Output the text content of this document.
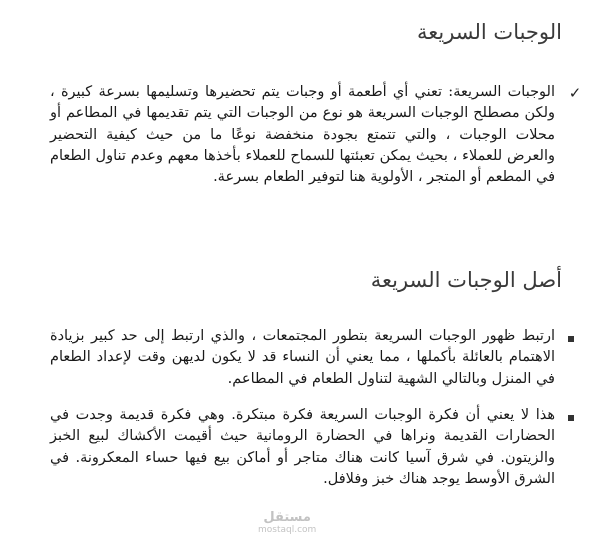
الوجبات السريعة
✓

الوجبات السريعة: تعني أي أطعمة أو وجبات يتم تحضيرها وتسليمها بسرعة كبيرة ، ولكن مصطلح الوجبات السريعة هو نوع من الوجبات التي يتم تقديمها في المطاعم أو محلات الوجبات ، والتي تتمتع بجودة منخفضة نوعًا ما من حيث كيفية التحضير والعرض للعملاء ، بحيث يمكن تعبئتها للسماح للعملاء بأخذها معهم وعدم تناول الطعام في المطعم أو المتجر ، الأولوية هنا لتوفير الطعام بسرعة.

أصل الوجبات السريعة

ارتبط ظهور الوجبات السريعة بتطور المجتمعات ، والذي ارتبط إلى حد كبير بزيادة الاهتمام بالعائلة بأكملها ، مما يعني أن النساء قد لا يكون لديهن وقت لإعداد الطعام في المنزل وبالتالي الشهية لتناول الطعام في المطاعم.

هذا لا يعني أن فكرة الوجبات السريعة فكرة مبتكرة. وهي فكرة قديمة وجدت في الحضارات القديمة ونراها في الحضارة الرومانية حيث أقيمت الأكشاك لبيع الخبز والزيتون. في شرق آسيا كانت هناك متاجر أو أماكن بيع فيها حساء المعكرونة. في الشرق الأوسط يوجد هناك خبز وفلافل.

مستقل
mostaql.com
